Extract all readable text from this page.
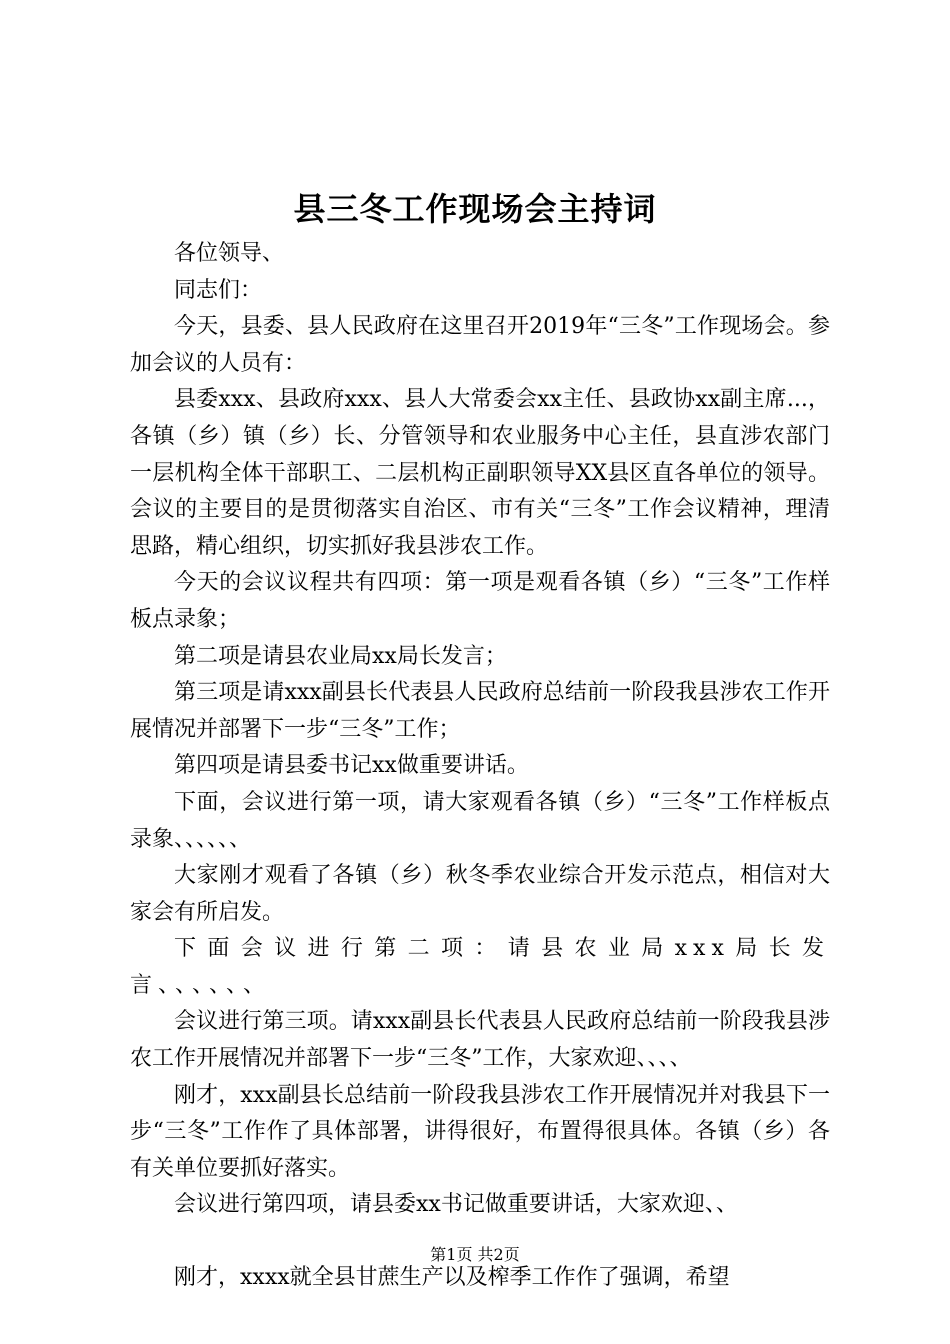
县三冬工作现场会主持词

各位领导、

同志们：

今天，县委、县人民政府在这里召开2019年“三冬”工作现场会。参加会议的人员有：

县委xxx、县政府xxx、县人大常委会xx主任、县政协xx副主席...，各镇（乡）镇（乡）长、分管领导和农业服务中心主任，县直涉农部门一层机构全体干部职工、二层机构正副职领导XX县区直各单位的领导。会议的主要目的是贯彻落实自治区、市有关“三冬”工作会议精神，理清思路，精心组织，切实抓好我县涉农工作。

今天的会议议程共有四项：第一项是观看各镇（乡）“三冬”工作样板点录象；

第二项是请县农业局xx局长发言；

第三项是请xxx副县长代表县人民政府总结前一阶段我县涉农工作开展情况并部署下一步“三冬”工作；

第四项是请县委书记xx做重要讲话。

下面，会议进行第一项，请大家观看各镇（乡）“三冬”工作样板点录象、、、、、、

大家刚才观看了各镇（乡）秋冬季农业综合开发示范点，相信对大家会有所启发。

下面会议进行第二项：请县农业局xxx局长发言、、、、、、

会议进行第三项。请xxx副县长代表县人民政府总结前一阶段我县涉农工作开展情况并部署下一步“三冬”工作，大家欢迎、、、、

刚才，xxx副县长总结前一阶段我县涉农工作开展情况并对我县下一步“三冬”工作作了具体部署，讲得很好，布置得很具体。各镇（乡）各有关单位要抓好落实。

会议进行第四项，请县委xx书记做重要讲话，大家欢迎、、

刚才，xxxx就全县甘蔗生产以及榨季工作作了强调，希望

第1页 共2页
